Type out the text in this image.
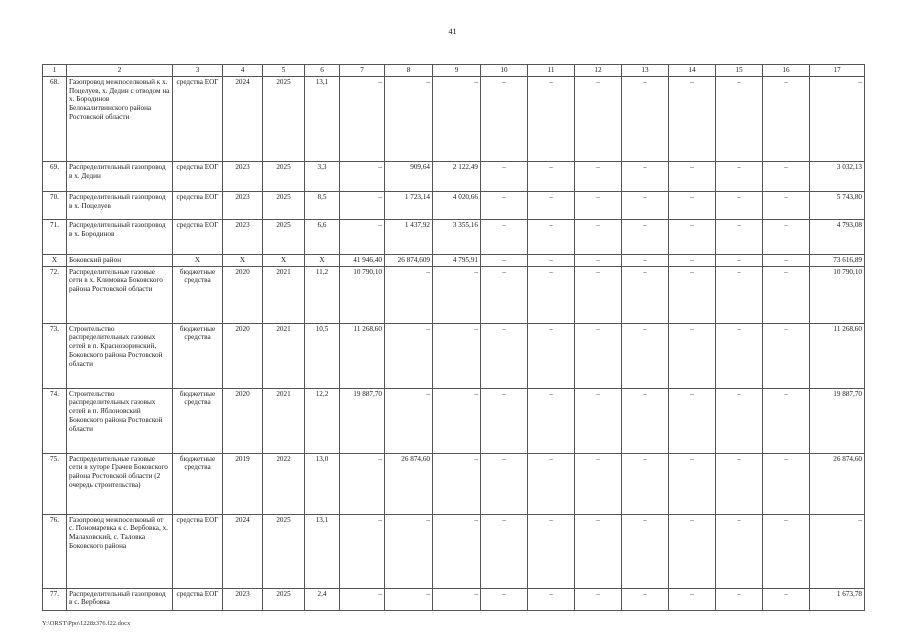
41
1	2	3	4	5	6	7	8	9	10	11	12	13	14	15	16	17
68.	Газопровод межпоселковый к х. Поцелуев, х. Дедин с отводом на х. Бородинов Белокалитвинского района Ростовской области	средства ЕОГ	2024	2025	13,1	–	–	–	–	–	–	–	–	–	–	–
69.	Распределительный газопровод в х. Дедин	средства ЕОГ	2023	2025	3,3	–	909,64	2 122,49	–	–	–	–	–	–	–	3 032,13
70.	Распределительный газопровод в х. Поцелуев	средства ЕОГ	2023	2025	8,5	–	1 723,14	4 020,66	–	–	–	–	–	–	–	5 743,80
71.	Распределительный газопровод в х. Бородинов	средства ЕОГ	2023	2025	6,6	–	1 437,92	3 355,16	–	–	–	–	–	–	–	4 793,08
X	Боковский район	X	X	X	X	41 946,40	26 874,609	4 795,91	–	–	–	–	–	–	–	73 616,89
72.	Распределительные газовые сети в х. Климовка Боковского района Ростовской области	бюджетные средства	2020	2021	11,2	10 790,10	–	–	–	–	–	–	–	–	–	10 790,10
73.	Строительство распределительных газовых сетей в п. Краснозоринский, Боковского района Ростовской области	бюджетные средства	2020	2021	10,5	11 268,60	–	–	–	–	–	–	–	–	–	11 268,60
74.	Строительство распределительных газовых сетей в п. Яблоновский Боковского района Ростовской области	бюджетные средства	2020	2021	12,2	19 887,70	–	–	–	–	–	–	–	–	–	19 887,70
75.	Распределительные газовые сети в хуторе Грачев Боковского района Ростовской области (2 очередь строительства)	бюджетные средства	2019	2022	13,0	–	26 874,60	–	–	–	–	–	–	–	–	26 874,60
76.	Газопровод межпоселковый от с. Пономаревка к с. Вербовка, х. Малаховский, с. Таловка Боковского района	средства ЕОГ	2024	2025	13,1	–	–	–	–	–	–	–	–	–	–	–
77.	Распределительный газопровод в с. Вербовка	средства ЕОГ	2023	2025	2,4	–	–	–	–	–	–	–	–	–	–	1 673,78
Y:\ORST\Ppo\1228z376.f22.docx
